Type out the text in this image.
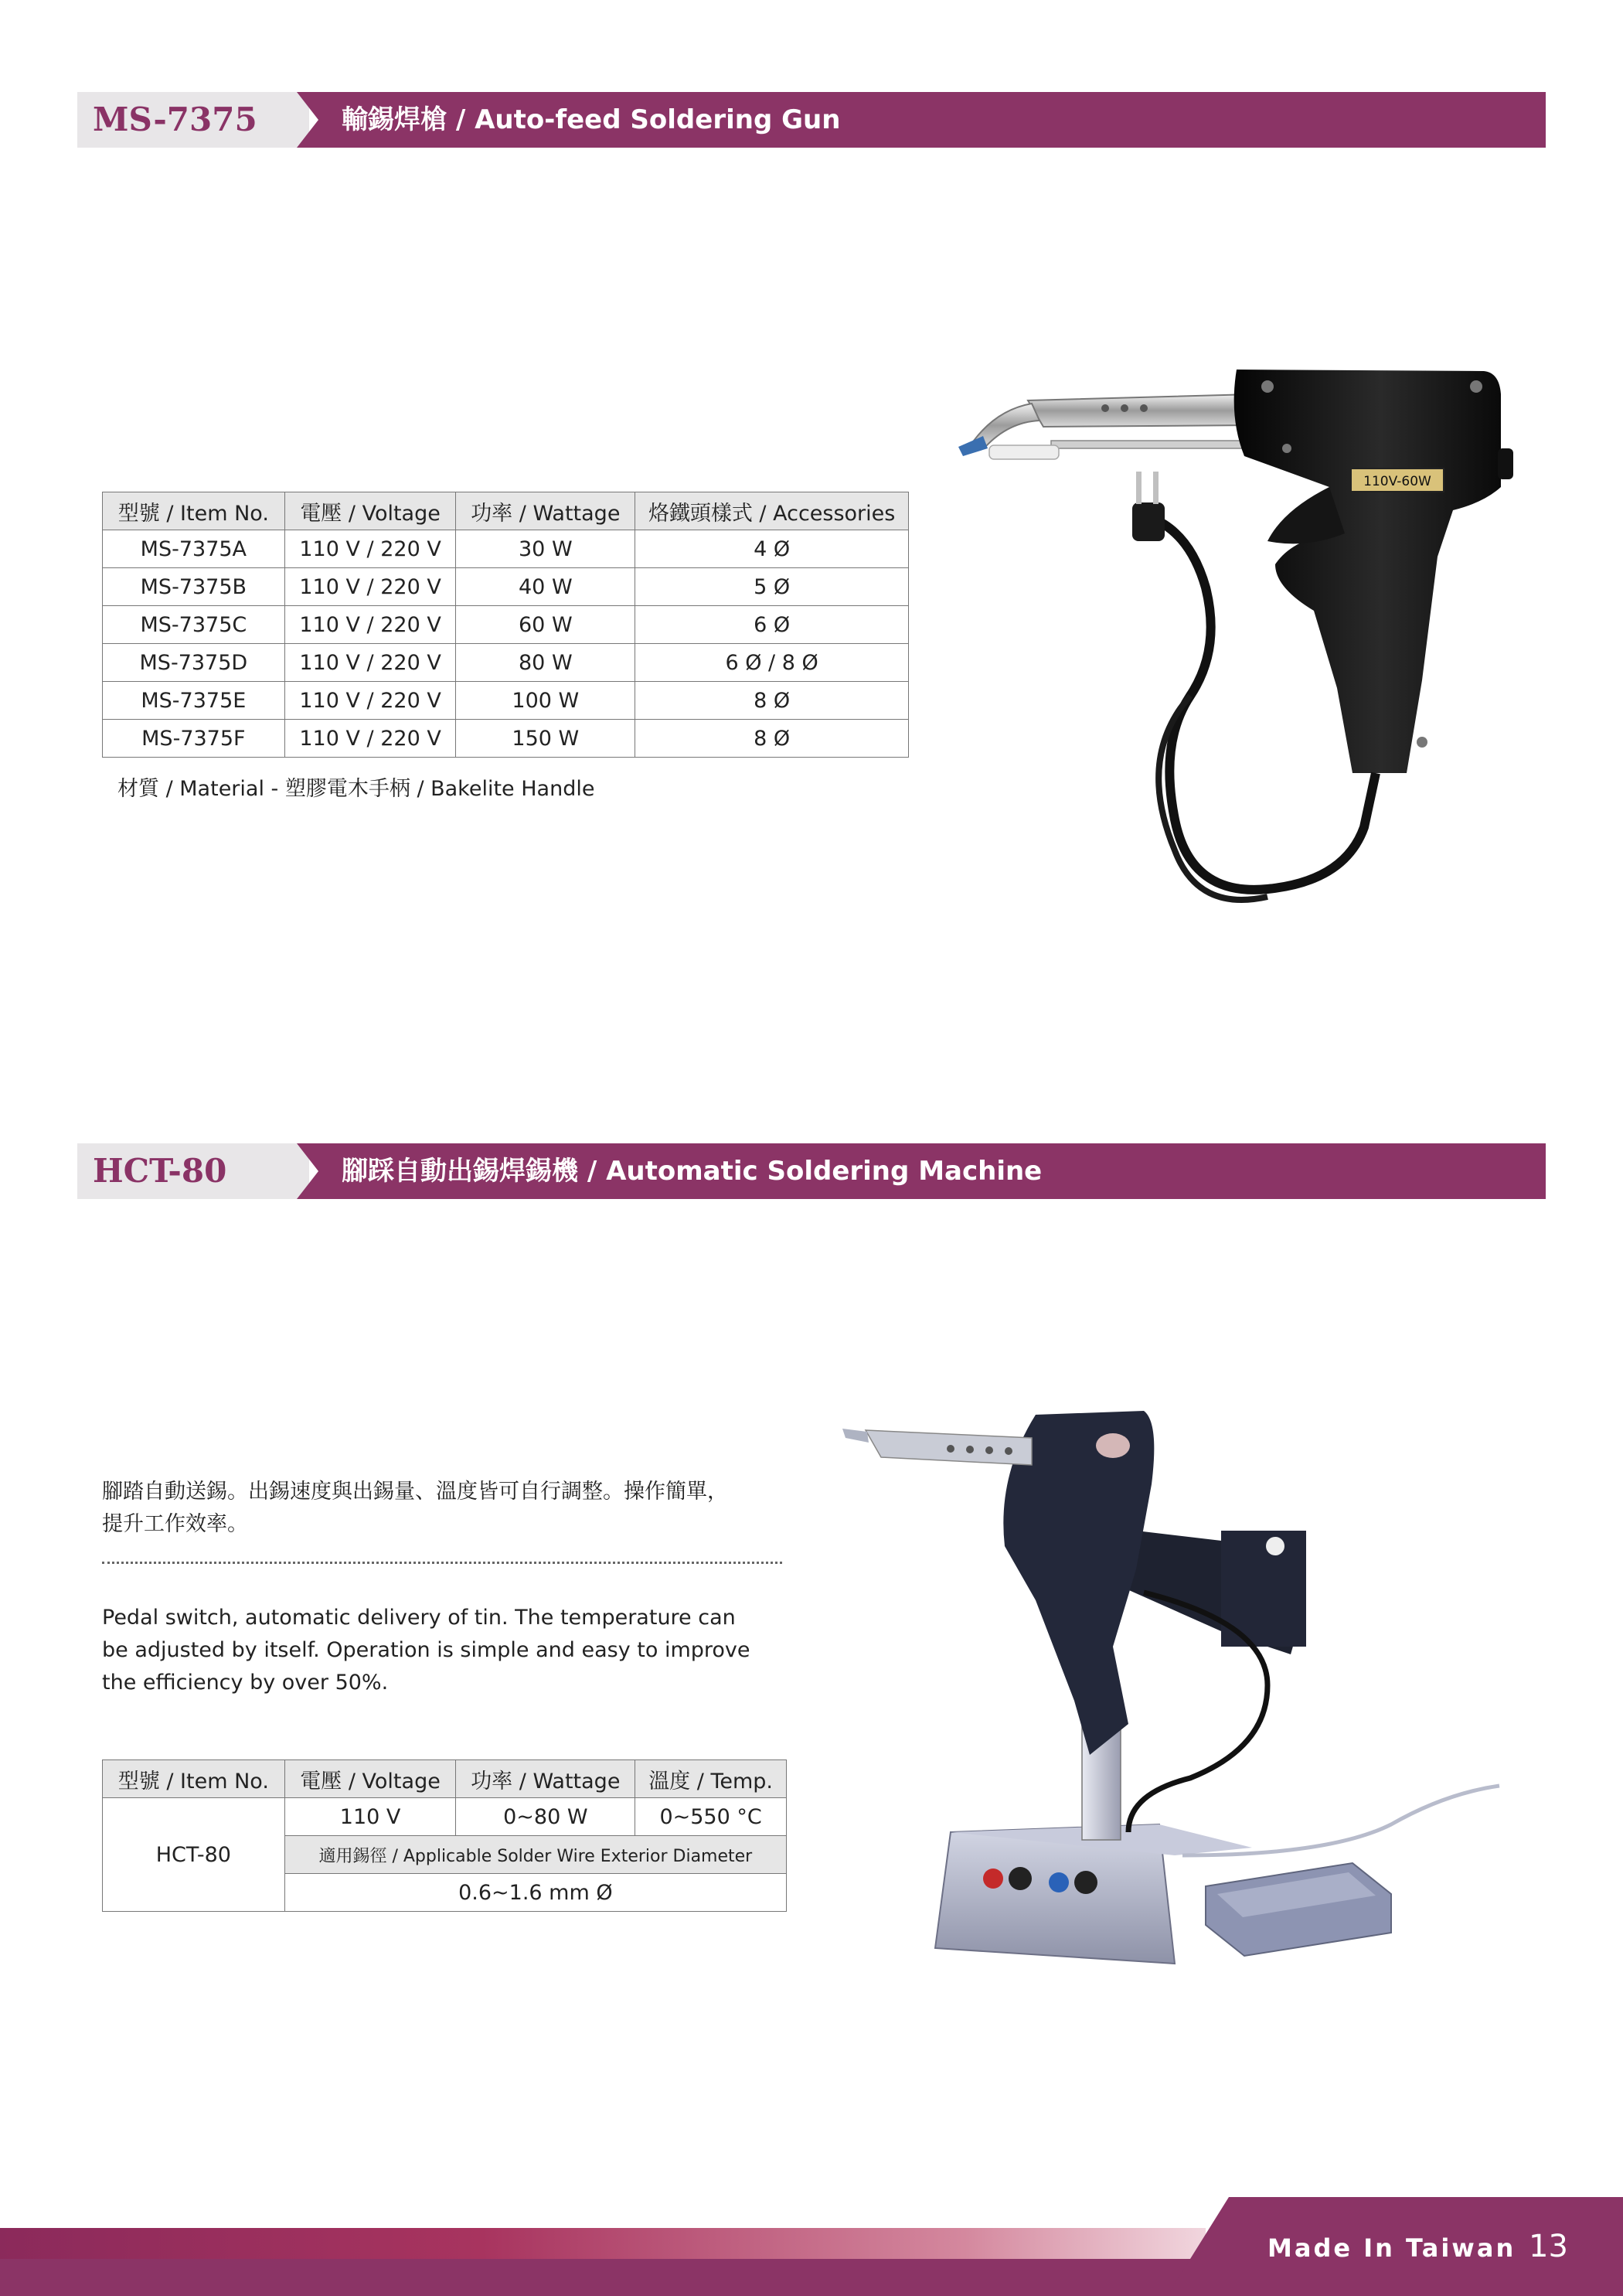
MS-7375	輸錫焊槍 / Auto-feed Soldering Gun
型號 / Item No.	電壓 / Voltage	功率 / Wattage	烙鐵頭樣式 / Accessories
MS-7375A	110 V / 220 V	30 W	4 Ø
MS-7375B	110 V / 220 V	40 W	5 Ø
MS-7375C	110 V / 220 V	60 W	6 Ø
MS-7375D	110 V / 220 V	80 W	6 Ø / 8 Ø
MS-7375E	110 V / 220 V	100 W	8 Ø
MS-7375F	110 V / 220 V	150 W	8 Ø
材質 / Material - 塑膠電木手柄 / Bakelite Handle
110V-60W
HCT-80	腳踩自動出錫焊錫機 / Automatic Soldering Machine
腳踏自動送錫。出錫速度與出錫量、溫度皆可自行調整。操作簡單，
提升工作效率。
Pedal switch, automatic delivery of tin. The temperature can
be adjusted by itself. Operation is simple and easy to improve
the efficiency by over 50%.
型號 / Item No.	電壓 / Voltage	功率 / Wattage	溫度 / Temp.
HCT-80	110 V	0~80 W	0~550 °C
	適用錫徑 / Applicable Solder Wire Exterior Diameter		
	0.6~1.6 mm Ø		
Made In Taiwan 13
